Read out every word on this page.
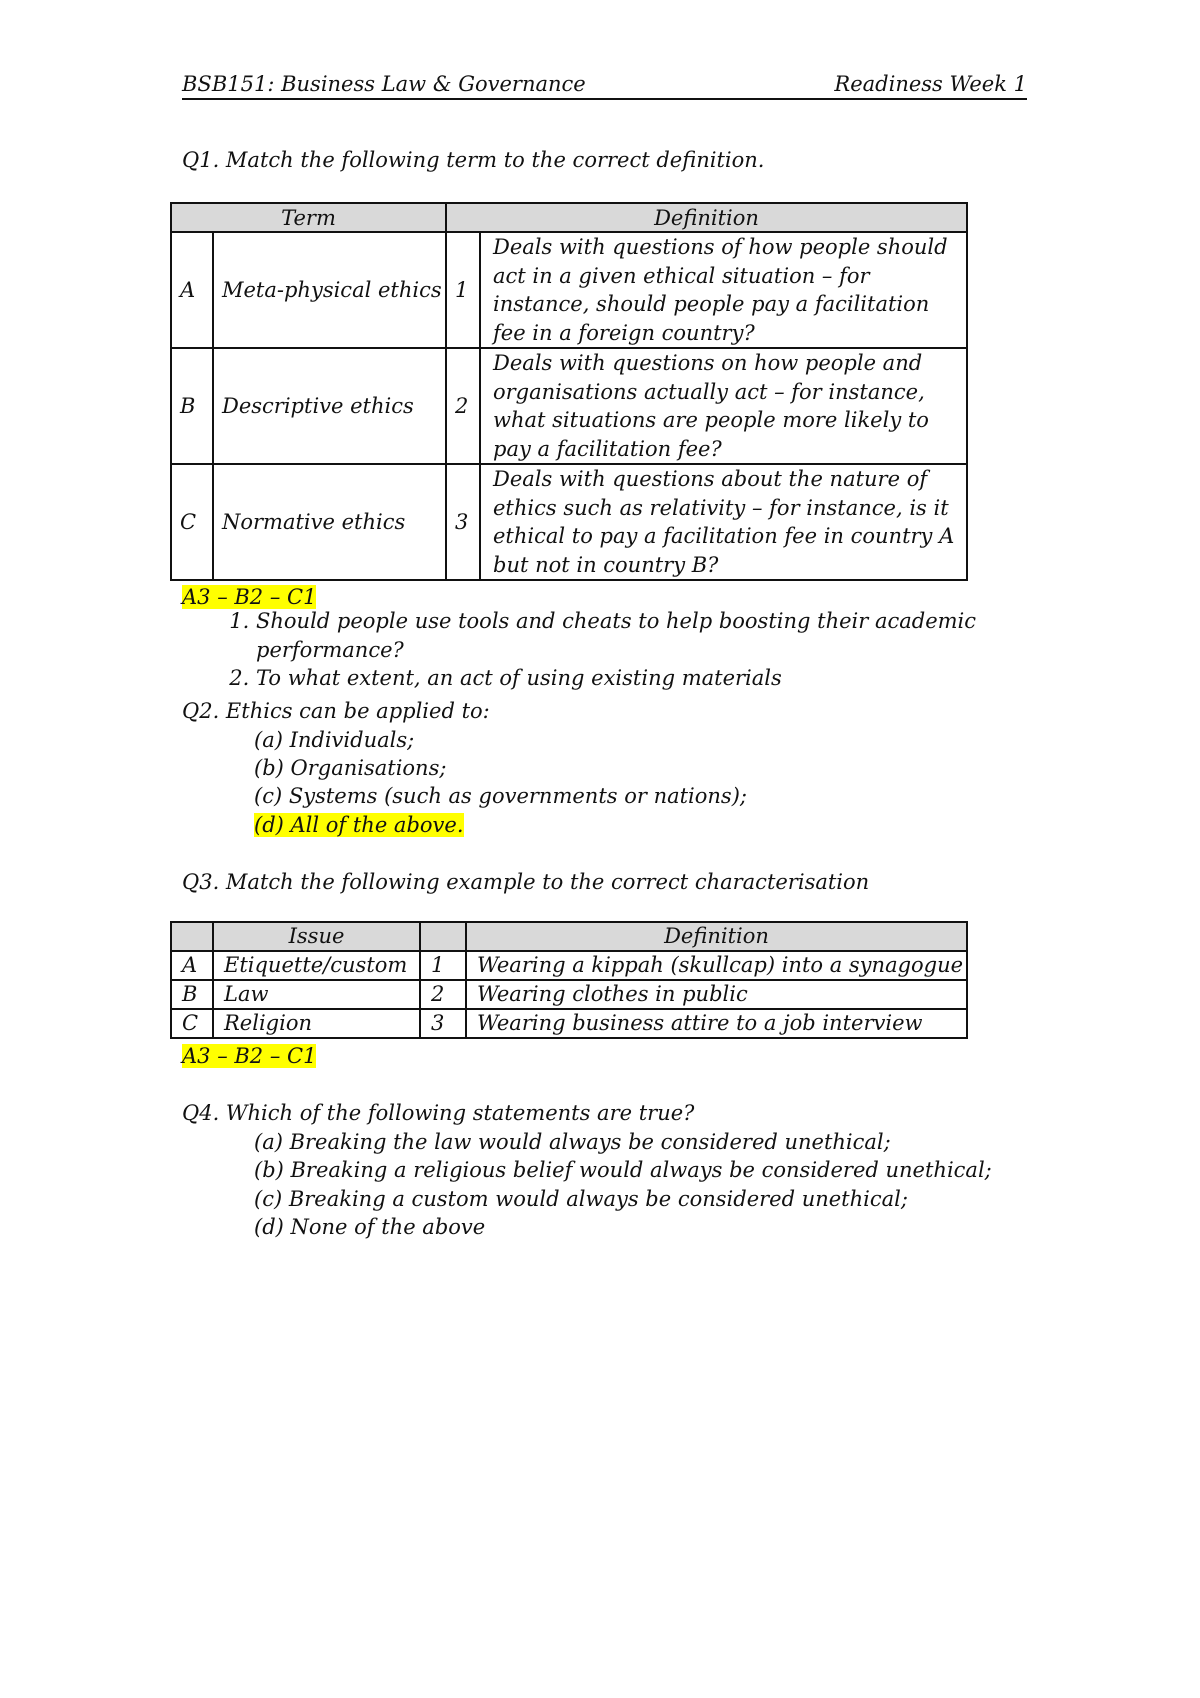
BSB151: Business Law & Governance	Readiness Week 1
Q1. Match the following term to the correct definition.
Term		Definition	
A	Meta-physical ethics	1	Deals with questions of how people should act in a given ethical situation – for instance, should people pay a facilitation fee in a foreign country?
B	Descriptive ethics	2	Deals with questions on how people and organisations actually act – for instance, what situations are people more likely to pay a facilitation fee?
C	Normative ethics	3	Deals with questions about the nature of ethics such as relativity – for instance, is it ethical to pay a facilitation fee in country A but not in country B?
A3 – B2 – C1
1. Should people use tools and cheats to help boosting their academic performance?
2. To what extent, an act of using existing materials
Q2. Ethics can be applied to:
(a) Individuals;
(b) Organisations;
(c) Systems (such as governments or nations);
(d) All of the above.
Q3. Match the following example to the correct characterisation
	Issue		Definition
A	Etiquette/custom	1	Wearing a kippah (skullcap) into a synagogue
B	Law	2	Wearing clothes in public
C	Religion	3	Wearing business attire to a job interview
A3 – B2 – C1
Q4. Which of the following statements are true?
(a) Breaking the law would always be considered unethical;
(b) Breaking a religious belief would always be considered unethical;
(c) Breaking a custom would always be considered unethical;
(d) None of the above
